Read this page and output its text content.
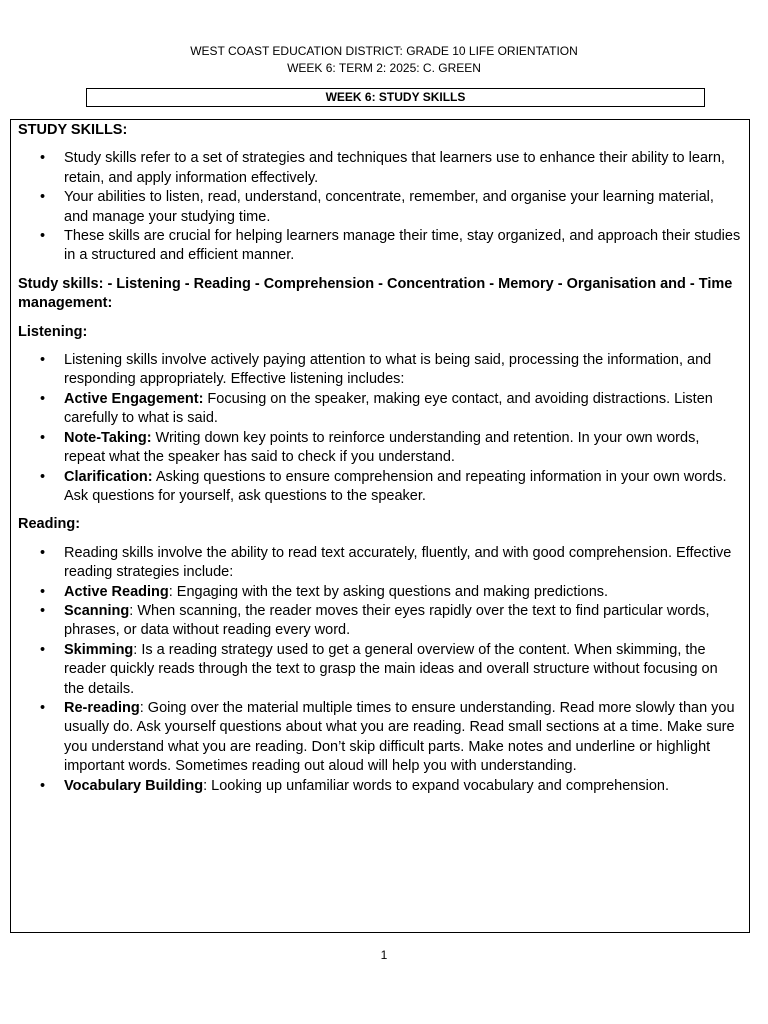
WEST COAST EDUCATION DISTRICT: GRADE 10 LIFE ORIENTATION
WEEK 6: TERM 2: 2025: C. GREEN
WEEK 6: STUDY SKILLS
STUDY SKILLS:
• Study skills refer to a set of strategies and techniques that learners use to enhance their ability to learn, retain, and apply information effectively.
• Your abilities to listen, read, understand, concentrate, remember, and organise your learning material, and manage your studying time.
• These skills are crucial for helping learners manage their time, stay organized, and approach their studies in a structured and efficient manner.
Study skills: - Listening - Reading - Comprehension - Concentration - Memory - Organisation and - Time management:
Listening:
• Listening skills involve actively paying attention to what is being said, processing the information, and responding appropriately. Effective listening includes:
• Active Engagement: Focusing on the speaker, making eye contact, and avoiding distractions. Listen carefully to what is said.
• Note-Taking: Writing down key points to reinforce understanding and retention. In your own words, repeat what the speaker has said to check if you understand.
• Clarification: Asking questions to ensure comprehension and repeating information in your own words. Ask questions for yourself, ask questions to the speaker.
Reading:
• Reading skills involve the ability to read text accurately, fluently, and with good comprehension. Effective reading strategies include:
• Active Reading: Engaging with the text by asking questions and making predictions.
• Scanning: When scanning, the reader moves their eyes rapidly over the text to find particular words, phrases, or data without reading every word.
• Skimming: Is a reading strategy used to get a general overview of the content. When skimming, the reader quickly reads through the text to grasp the main ideas and overall structure without focusing on the details.
• Re-reading: Going over the material multiple times to ensure understanding. Read more slowly than you usually do. Ask yourself questions about what you are reading. Read small sections at a time. Make sure you understand what you are reading. Don’t skip difficult parts. Make notes and underline or highlight important words. Sometimes reading out aloud will help you with understanding.
• Vocabulary Building: Looking up unfamiliar words to expand vocabulary and comprehension.
1
